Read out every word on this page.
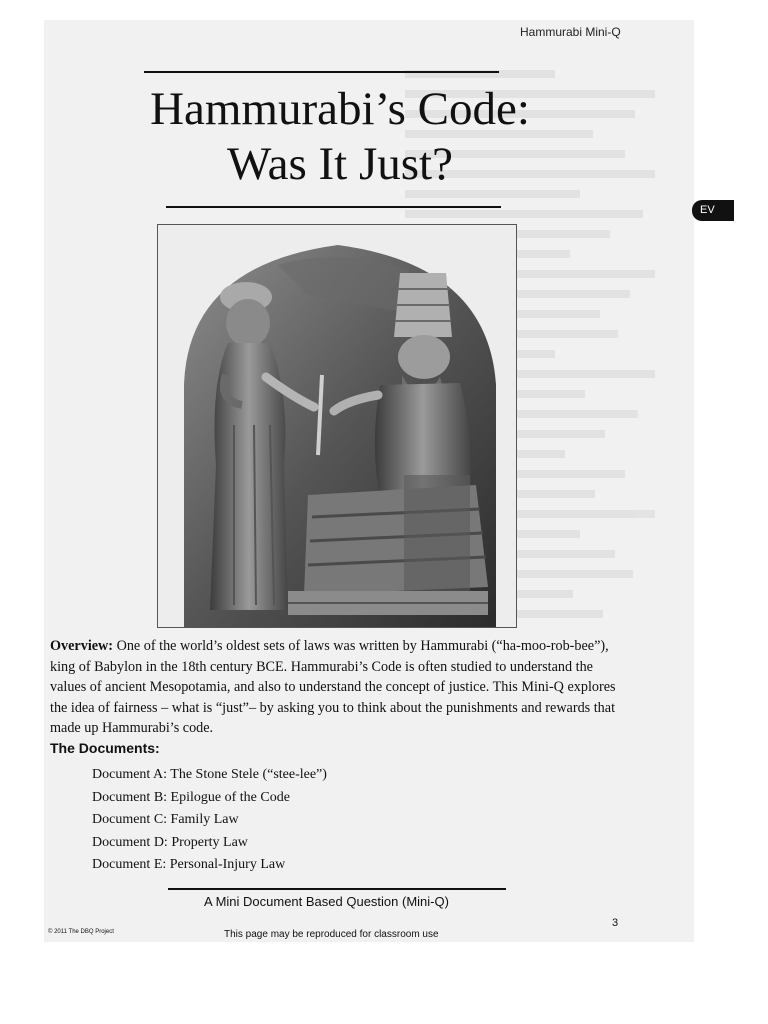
Hammurabi Mini-Q
Hammurabi’s Code:
Was It Just?
EV

Overview: One of the world’s oldest sets of laws was written by Hammurabi (“ha-moo-rob-bee”), king of Babylon in the 18th century BCE. Hammurabi’s Code is often studied to understand the values of ancient Mesopotamia, and also to understand the concept of justice. This Mini-Q explores the idea of fairness – what is “just”– by asking you to think about the punishments and rewards that made up Hammurabi’s code.

The Documents:
Document A: The Stone Stele (“stee-lee”)
Document B: Epilogue of the Code
Document C: Family Law
Document D: Property Law
Document E: Personal-Injury Law
A Mini Document Based Question (Mini-Q)
3
© 2011 The DBQ Project	This page may be reproduced for classroom use
